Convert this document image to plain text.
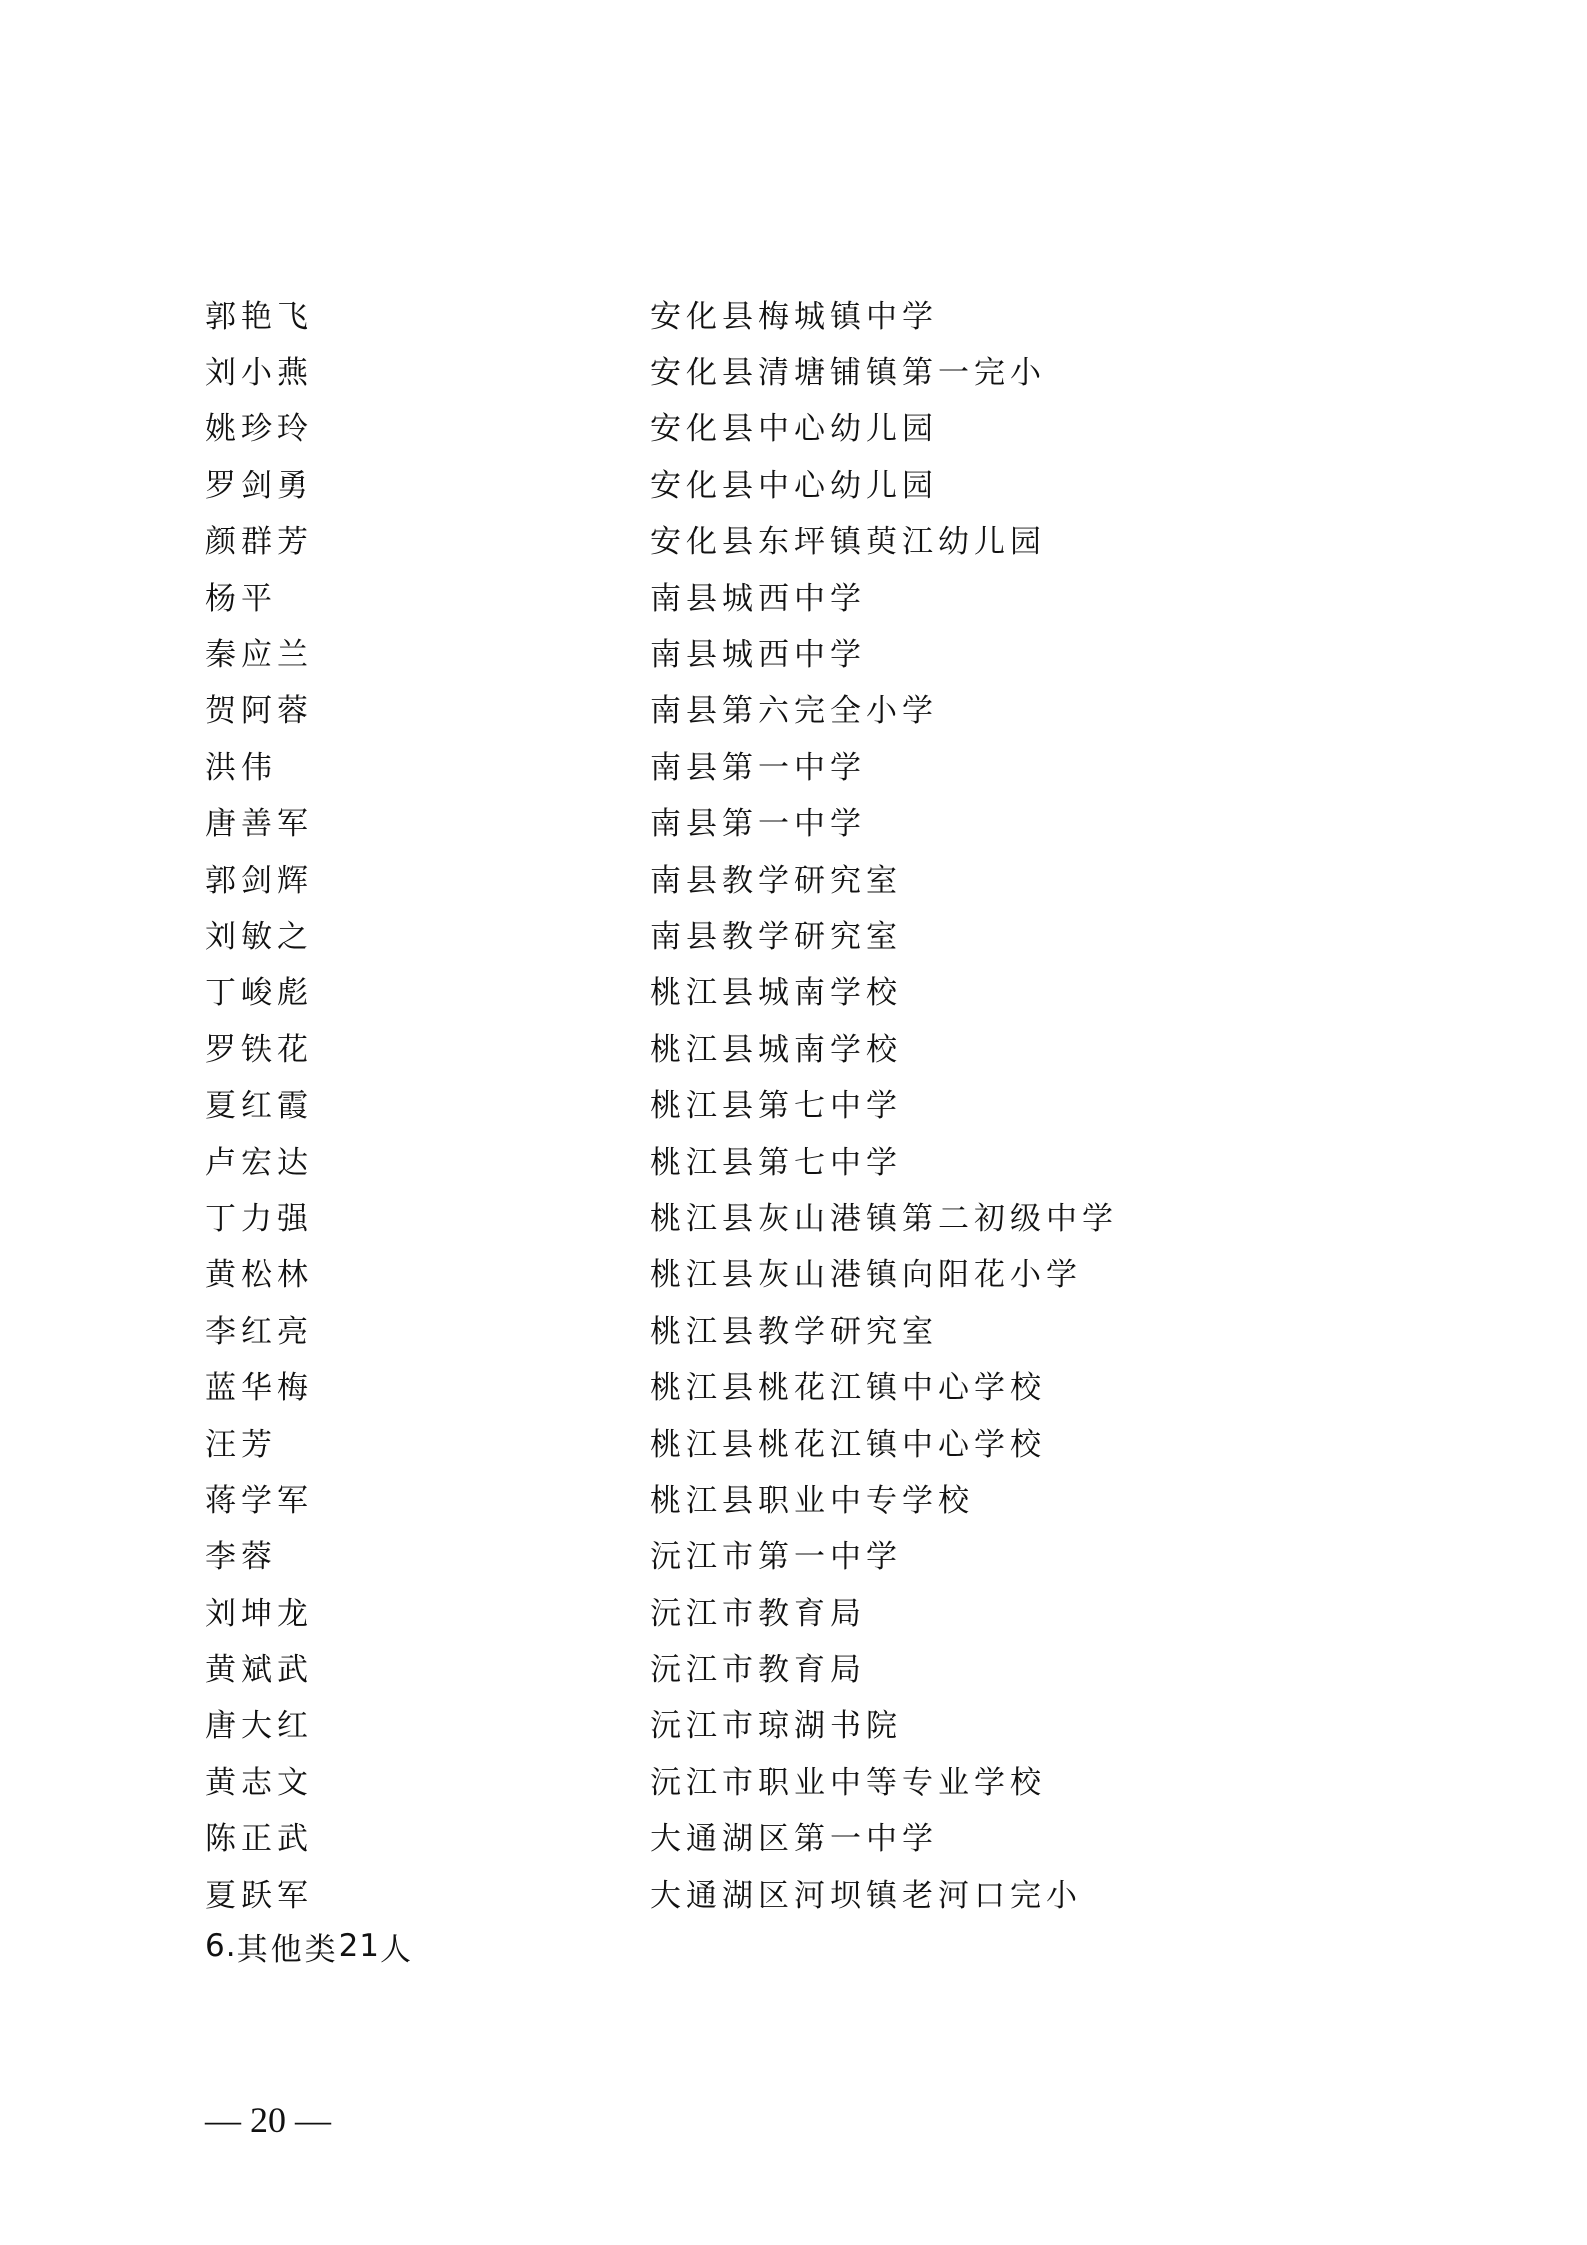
郭艳飞	安化县梅城镇中学
刘小燕	安化县清塘铺镇第一完小
姚珍玲	安化县中心幼儿园
罗剑勇	安化县中心幼儿园
颜群芳	安化县东坪镇萸江幼儿园
杨平	南县城西中学
秦应兰	南县城西中学
贺阿蓉	南县第六完全小学
洪伟	南县第一中学
唐善军	南县第一中学
郭剑辉	南县教学研究室
刘敏之	南县教学研究室
丁峻彪	桃江县城南学校
罗铁花	桃江县城南学校
夏红霞	桃江县第七中学
卢宏达	桃江县第七中学
丁力强	桃江县灰山港镇第二初级中学
黄松林	桃江县灰山港镇向阳花小学
李红亮	桃江县教学研究室
蓝华梅	桃江县桃花江镇中心学校
汪芳	桃江县桃花江镇中心学校
蒋学军	桃江县职业中专学校
李蓉	沅江市第一中学
刘坤龙	沅江市教育局
黄斌武	沅江市教育局
唐大红	沅江市琼湖书院
黄志文	沅江市职业中等专业学校
陈正武	大通湖区第一中学
夏跃军	大通湖区河坝镇老河口完小
6. 其他类 21 人
— 20 —
